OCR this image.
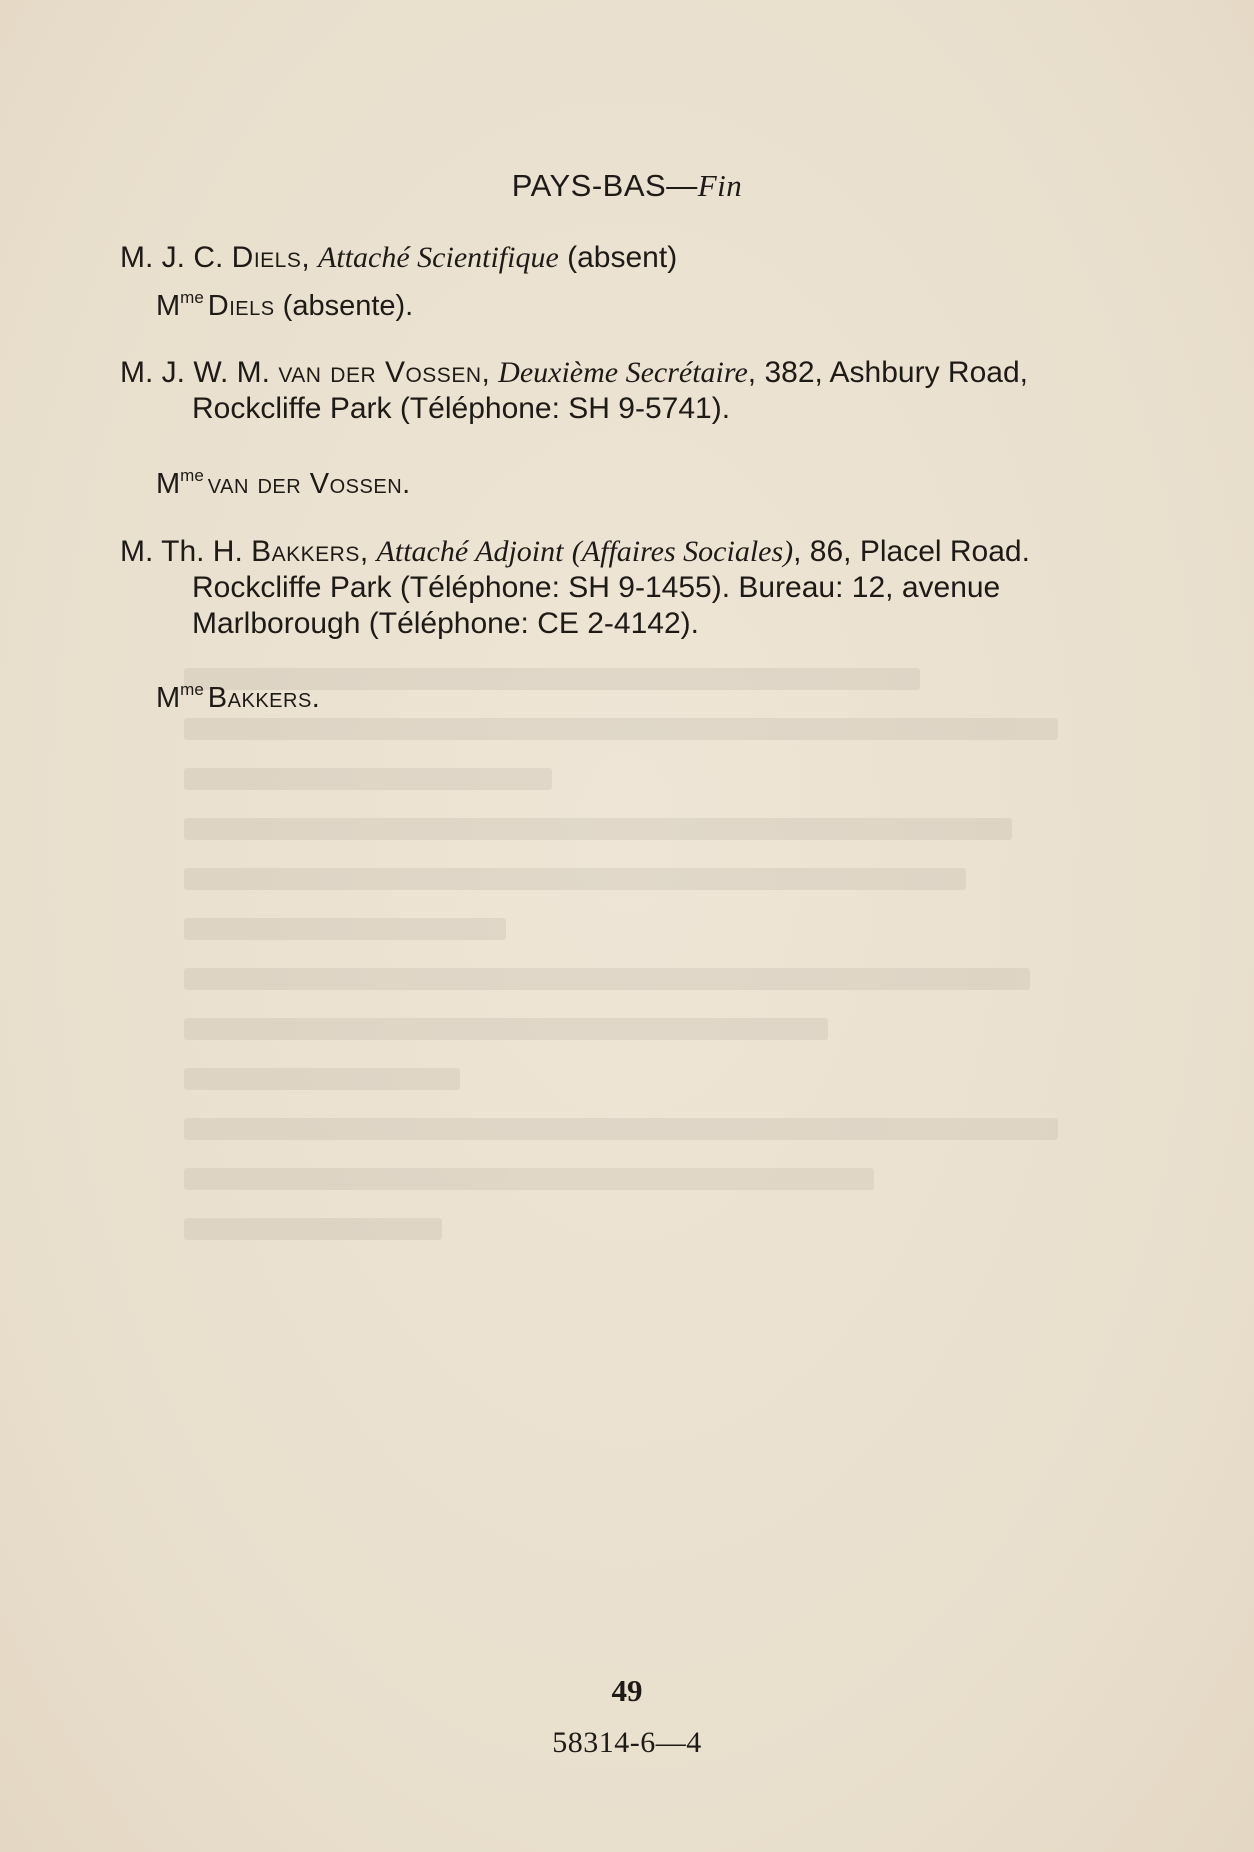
PAYS-BAS—Fin
M. J. C. Diels, Attaché Scientifique (absent)
$M^{me}$ Diels (absente).
M. J. W. M. van der Vossen, Deuxième Secrétaire, 382, Ashbury Road, Rockcliffe Park (Téléphone: SH 9-5741).
$M^{me}$ van der Vossen.
M. Th. H. Bakkers, Attaché Adjoint (Affaires Sociales), 86, Placel Road. Rockcliffe Park (Téléphone: SH 9-1455). Bureau: 12, avenue Marlborough (Téléphone: CE 2-4142).
$M^{me}$ Bakkers.
49
58314-6—4
